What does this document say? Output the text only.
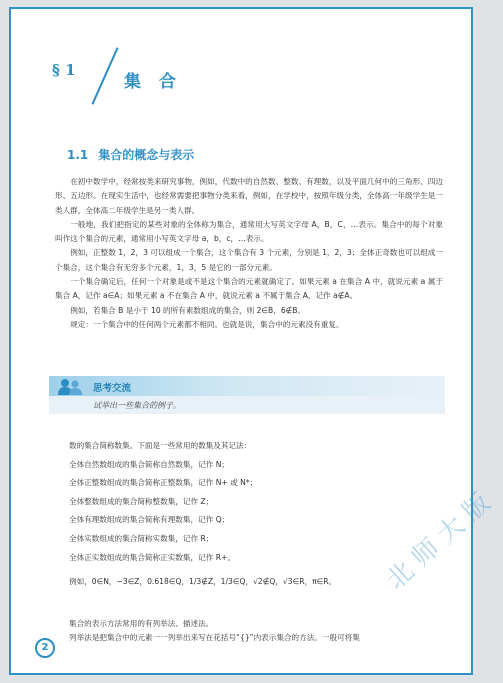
§ 1
集 合
1.1 集合的概念与表示

在初中数学中，经常按类来研究事物，例如，代数中的自然数、整数、有理数，以及平面几何中的三角形、四边形、五边形。在现实生活中，也经常需要把事物分类来看，例如，在学校中，按照年级分类，全体高一年级学生是一类人群，全体高二年级学生是另一类人群。

一般地，我们把指定的某些对象的全体称为集合，通常用大写英文字母 A，B，C，…表示。集合中的每个对象叫作这个集合的元素，通常用小写英文字母 a，b，c，…表示。

例如，正整数 1，2，3 可以组成一个集合，这个集合有 3 个元素，分别是 1，2，3；全体正奇数也可以组成一个集合，这个集合有无穷多个元素，1，3，5 是它的一部分元素。

一个集合确定后，任何一个对象是或不是这个集合的元素就确定了。如果元素 a 在集合 A 中，就说元素 a 属于集合 A，记作 a∈A；如果元素 a 不在集合 A 中，就说元素 a 不属于集合 A，记作 a∉A。

例如，若集合 B 是小于 10 的所有素数组成的集合，则 2∈B，6∉B。

规定：一个集合中的任何两个元素都不相同。也就是说，集合中的元素没有重复。

思考交流
试举出一些集合的例子。
数的集合简称数集。下面是一些常用的数集及其记法：
全体自然数组成的集合简称自然数集，记作 N；
全体正整数组成的集合简称正整数集，记作 N+ 或 N*；
全体整数组成的集合简称整数集，记作 Z；
全体有理数组成的集合简称有理数集，记作 Q；
全体实数组成的集合简称实数集，记作 R；
全体正实数组成的集合简称正实数集，记作 R+。
例如，0∈N，−3∈Z，0.618∈Q，1/3∉Z，1/3∈Q，√2∉Q，√3∈R，π∈R。

集合的表示方法常用的有列举法、描述法。

列举法是把集合中的元素一一列举出来写在花括号“{}”内表示集合的方法。一般可将集

北师大版
2
